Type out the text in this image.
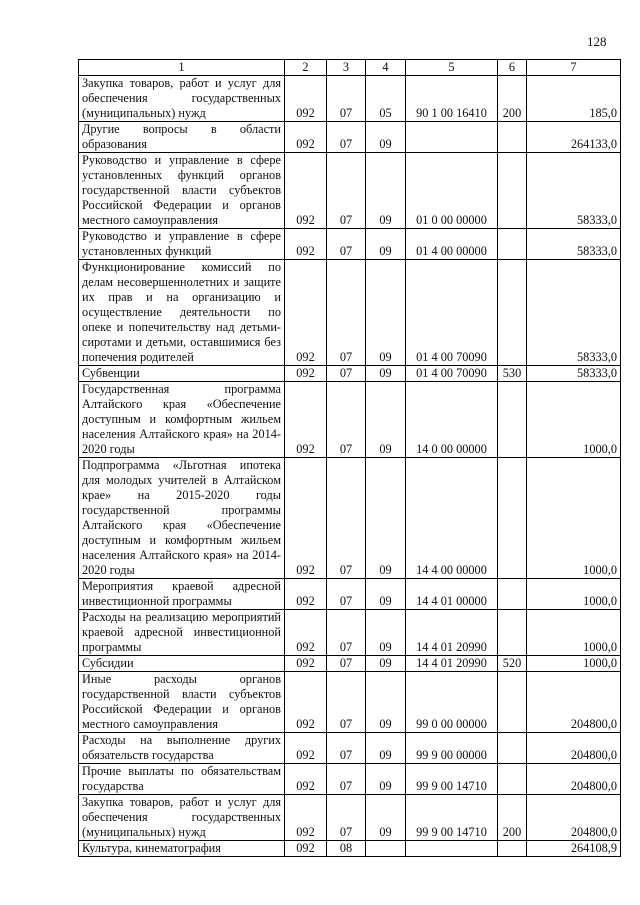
128
1	2	3	4	5	6	7
Закупка товаров, работ и услуг для обеспечения государственных (муниципальных) нужд	092	07	05	90 1 00 16410	200	185,0
Другие вопросы в области образования	092	07	09			264133,0
Руководство и управление в сфере установленных функций органов государственной власти субъектов Российской Федерации и органов местного самоуправления	092	07	09	01 0 00 00000		58333,0
Руководство и управление в сфере установленных функций	092	07	09	01 4 00 00000		58333,0
Функционирование комиссий по делам несовершеннолетних и защите их прав и на организацию и осуществление деятельности по опеке и попечительству над детьми-сиротами и детьми, оставшимися без попечения родителей	092	07	09	01 4 00 70090		58333,0
Субвенции	092	07	09	01 4 00 70090	530	58333,0
Государственная программа Алтайского края «Обеспечение доступным и комфортным жильем населения Алтайского края» на 2014-2020 годы	092	07	09	14 0 00 00000		1000,0
Подпрограмма «Льготная ипотека для молодых учителей в Алтайском крае» на 2015-2020 годы государственной программы Алтайского края «Обеспечение доступным и комфортным жильем населения Алтайского края» на 2014-2020 годы	092	07	09	14 4 00 00000		1000,0
Мероприятия краевой адресной инвестиционной программы	092	07	09	14 4 01 00000		1000,0
Расходы на реализацию мероприятий краевой адресной инвестиционной программы	092	07	09	14 4 01 20990		1000,0
Субсидии	092	07	09	14 4 01 20990	520	1000,0
Иные расходы органов государственной власти субъектов Российской Федерации и органов местного самоуправления	092	07	09	99 0 00 00000		204800,0
Расходы на выполнение других обязательств государства	092	07	09	99 9 00 00000		204800,0
Прочие выплаты по обязательствам государства	092	07	09	99 9 00 14710		204800,0
Закупка товаров, работ и услуг для обеспечения государственных (муниципальных) нужд	092	07	09	99 9 00 14710	200	204800,0
Культура, кинематография	092	08				264108,9
